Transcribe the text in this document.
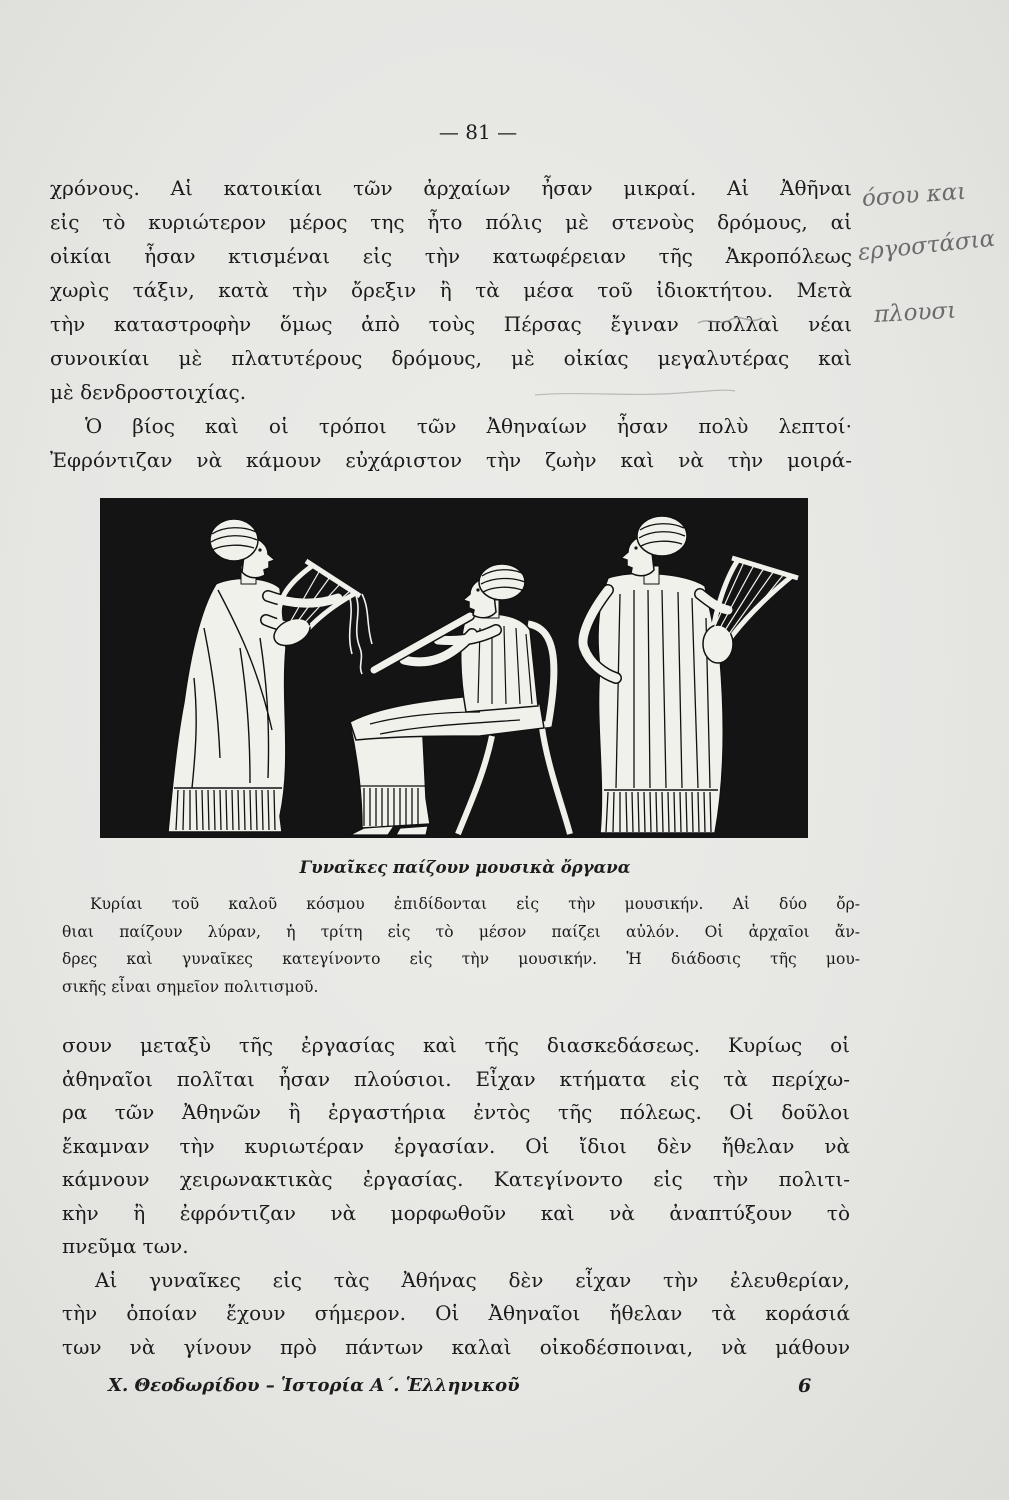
— 81 —
όσου και
εργοστάσια
πλουσι
χρόνους. Αἱ κατοικίαι τῶν ἀρχαίων ἦσαν μικραί. Αἱ Ἀθῆναι
εἰς τὸ κυριώτερον μέρος της ἦτο πόλις μὲ στενοὺς δρόμους, αἱ
οἰκίαι ἦσαν κτισμέναι εἰς τὴν κατωφέρειαν τῆς Ἀκροπόλεως
χωρὶς τάξιν, κατὰ τὴν ὄρεξιν ἢ τὰ μέσα τοῦ ἰδιοκτήτου. Μετὰ
τὴν καταστροφὴν ὅμως ἀπὸ τοὺς Πέρσας ἔγιναν πολλαὶ νέαι
συνοικίαι μὲ πλατυτέρους δρόμους, μὲ οἰκίας μεγαλυτέρας καὶ
μὲ δενδροστοιχίας.
Ὁ βίος καὶ οἱ τρόποι τῶν Ἀθηναίων ἦσαν πολὺ λεπτοί·
Ἐφρόντιζαν νὰ κάμουν εὐχάριστον τὴν ζωὴν καὶ νὰ τὴν μοιρά-
Γυναῖκες παίζουν μουσικὰ ὄργανα
Κυρίαι τοῦ καλοῦ κόσμου ἐπιδίδονται εἰς τὴν μουσικήν. Αἱ δύο ὄρ-
θιαι παίζουν λύραν, ἡ τρίτη εἰς τὸ μέσον παίζει αὐλόν. Οἱ ἀρχαῖοι ἄν-
δρες καὶ γυναῖκες κατεγίνοντο εἰς τὴν μουσικήν. Ἡ διάδοσις τῆς μου-
σικῆς εἶναι σημεῖον πολιτισμοῦ.
σουν μεταξὺ τῆς ἐργασίας καὶ τῆς διασκεδάσεως. Κυρίως οἱ
ἀθηναῖοι πολῖται ἦσαν πλούσιοι. Εἶχαν κτήματα εἰς τὰ περίχω-
ρα τῶν Ἀθηνῶν ἢ ἐργαστήρια ἐντὸς τῆς πόλεως. Οἱ δοῦλοι
ἔκαμναν τὴν κυριωτέραν ἐργασίαν. Οἱ ἴδιοι δὲν ἤθελαν νὰ
κάμνουν χειρωνακτικὰς ἐργασίας. Κατεγίνοντο εἰς τὴν πολιτι-
κὴν ἢ ἐφρόντιζαν νὰ μορφωθοῦν καὶ νὰ ἀναπτύξουν τὸ
πνεῦμα των.
Αἱ γυναῖκες εἰς τὰς Ἀθήνας δὲν εἶχαν τὴν ἐλευθερίαν,
τὴν ὁποίαν ἔχουν σήμερον. Οἱ Ἀθηναῖοι ἤθελαν τὰ κοράσιά
των νὰ γίνουν πρὸ πάντων καλαὶ οἰκοδέσποιναι, νὰ μάθουν
Χ. Θεοδωρίδου – Ἱστορία Α΄. Ἑλληνικοῦ	6
